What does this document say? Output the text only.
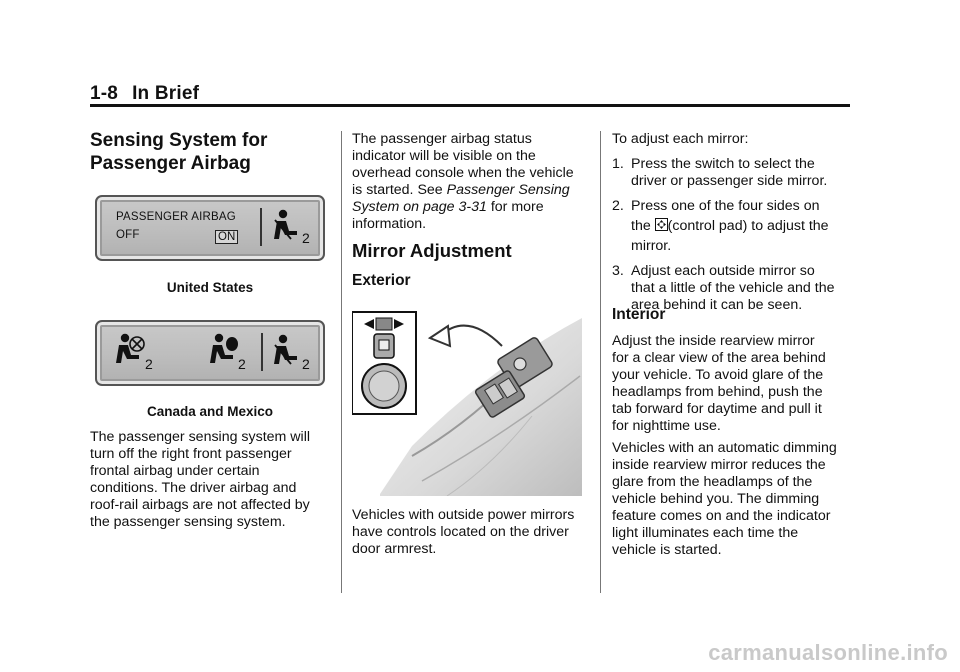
1-8 In Brief
Sensing System for
Passenger Airbag
PASSENGER AIRBAG
OFF	ON	2
United States
2	2	2
Canada and Mexico

The passenger sensing system will

turn off the right front passenger

frontal airbag under certain

conditions. The driver airbag and

roof-rail airbags are not affected by

the passenger sensing system.

The passenger airbag status

indicator will be visible on the

overhead console when the vehicle

is started. See Passenger Sensing

System on page 3-31 for more

information.

Mirror Adjustment
Exterior

Vehicles with outside power mirrors

have controls located on the driver

door armrest.

To adjust each mirror:

1. Press the switch to select the

driver or passenger side mirror.

2. Press one of the four sides on

the (control pad) to adjust the

mirror.

3. Adjust each outside mirror so

that a little of the vehicle and the

area behind it can be seen.

Interior

Adjust the inside rearview mirror

for a clear view of the area behind

your vehicle. To avoid glare of the

headlamps from behind, push the

tab forward for daytime and pull it

for nighttime use.

Vehicles with an automatic dimming

inside rearview mirror reduces the

glare from the headlamps of the

vehicle behind you. The dimming

feature comes on and the indicator

light illuminates each time the

vehicle is started.

carmanualsonline.info
